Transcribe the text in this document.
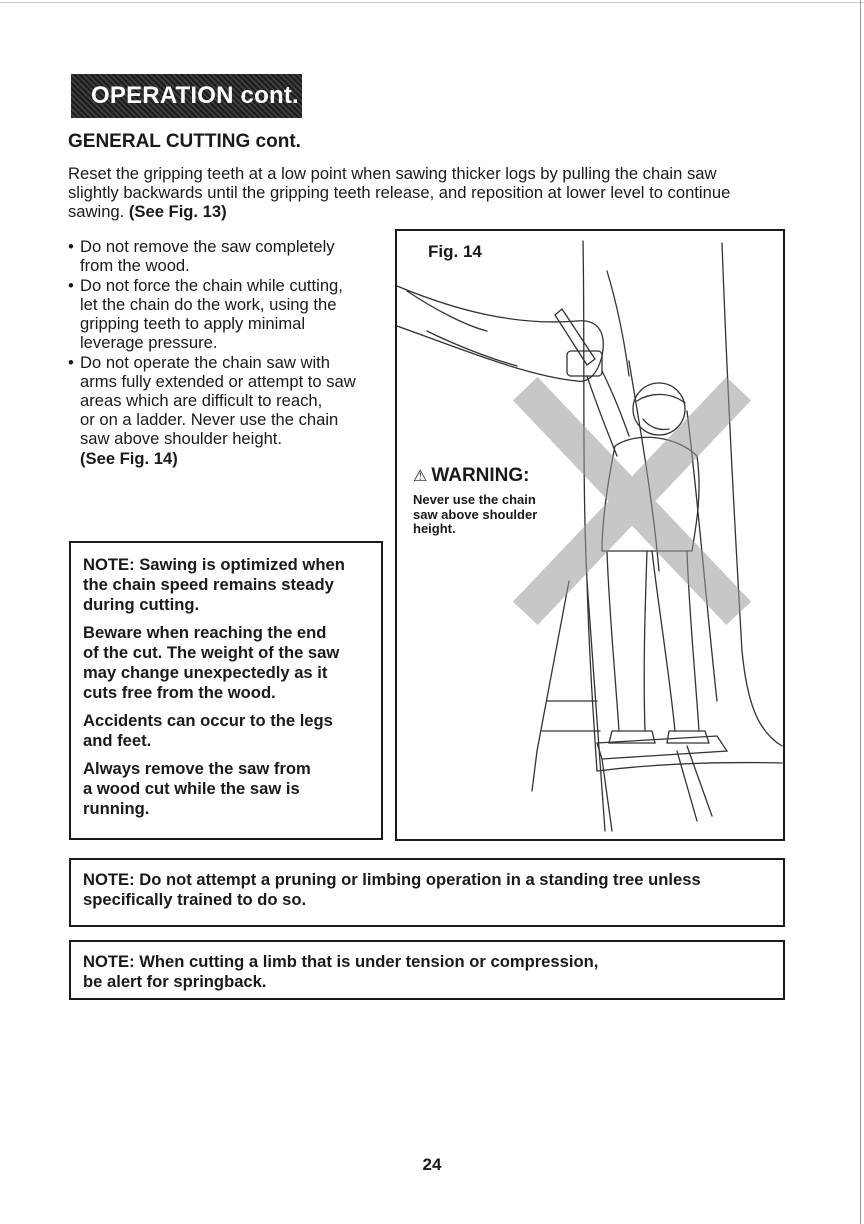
OPERATION cont.
GENERAL CUTTING cont.
Reset the gripping teeth at a low point when sawing thicker logs by pulling the chain saw
slightly backwards until the gripping teeth release, and reposition at lower level to continue
sawing. (See Fig. 13)
• Do not remove the saw completely
from the wood.
• Do not force the chain while cutting,
let the chain do the work, using the
gripping teeth to apply minimal
leverage pressure.
• Do not operate the chain saw with
arms fully extended or attempt to saw
areas which are difficult to reach,
or on a ladder. Never use the chain
saw above shoulder height.
(See Fig. 14)

NOTE: Sawing is optimized when
the chain speed remains steady
during cutting.

Beware when reaching the end
of the cut. The weight of the saw
may change unexpectedly as it
cuts free from the wood.

Accidents can occur to the legs
and feet.

Always remove the saw from
a wood cut while the saw is
running.

Fig. 14
⚠ WARNING:
Never use the chain
saw above shoulder
height.
NOTE: Do not attempt a pruning or limbing operation in a standing tree unless
specifically trained to do so.
NOTE: When cutting a limb that is under tension or compression,
be alert for springback.
24
